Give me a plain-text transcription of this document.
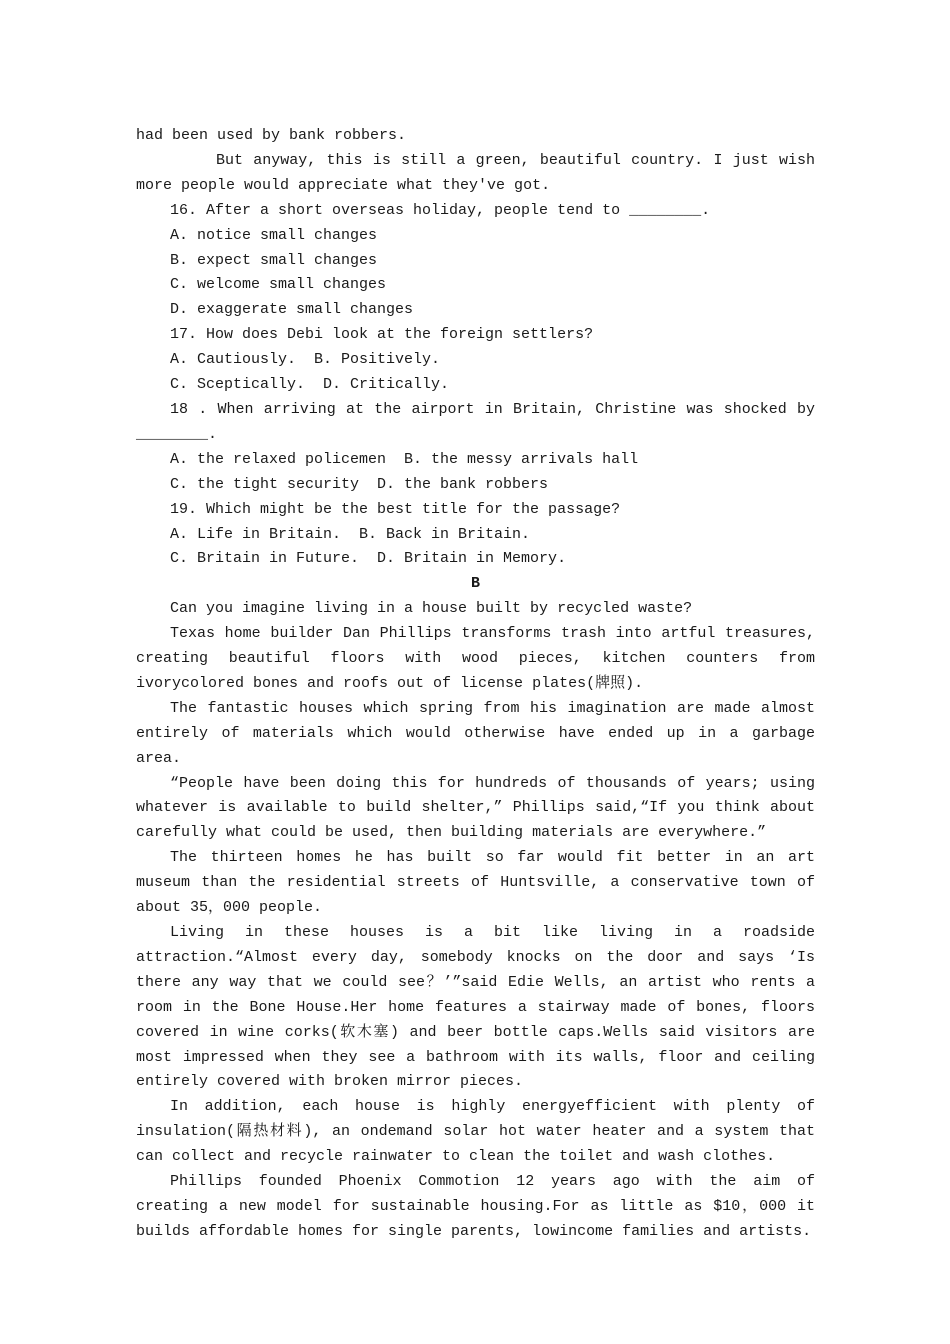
had been used by bank robbers.

But anyway, this is still a green, beautiful country. I just wish more people would appreciate what they've got.

16. After a short overseas holiday, people tend to ________.

A. notice small changes

B. expect small changes

C. welcome small changes

D. exaggerate small changes

17. How does Debi look at the foreign settlers?

A. Cautiously.  B. Positively.

C. Sceptically.  D. Critically.

18 . When arriving at the airport in Britain, Christine was shocked by ________.

A. the relaxed policemen  B. the messy arrivals hall

C. the tight security  D. the bank robbers

19. Which might be the best title for the passage?

A. Life in Britain.  B. Back in Britain.

C. Britain in Future.  D. Britain in Memory.

B

Can you imagine living in a house built by recycled waste?

Texas home builder Dan Phillips transforms trash into artful treasures, creating beautiful floors with wood pieces, kitchen counters from ivorycolored bones and roofs out of license plates(牌照).

The fantastic houses which spring from his imagination are made almost entirely of materials which would otherwise have ended up in a garbage area.

“People have been doing this for hundreds of thousands of years; using whatever is available to build shelter,” Phillips said,“If you think about carefully what could be used, then building materials are everywhere.”

The thirteen homes he has built so far would fit better in an art museum than the residential streets of Huntsville, a conservative town of about 35，000 people.

Living in these houses is a bit like living in a roadside attraction.“Almost every day, somebody knocks on the door and says ‘Is there any way that we could see？’”said Edie Wells, an artist who rents a room in the Bone House.Her home features a stairway made of bones, floors covered in wine corks(软木塞) and beer bottle caps.Wells said visitors are most impressed when they see a bathroom with its walls, floor and ceiling entirely covered with broken mirror pieces.

In addition, each house is highly energyefficient with plenty of insulation(隔热材料), an ondemand solar hot water heater and a system that can collect and recycle rainwater to clean the toilet and wash clothes.

Phillips founded Phoenix Commotion 12 years ago with the aim of creating a new model for sustainable housing.For as little as $10，000 it builds affordable homes for single parents, lowincome families and artists.
